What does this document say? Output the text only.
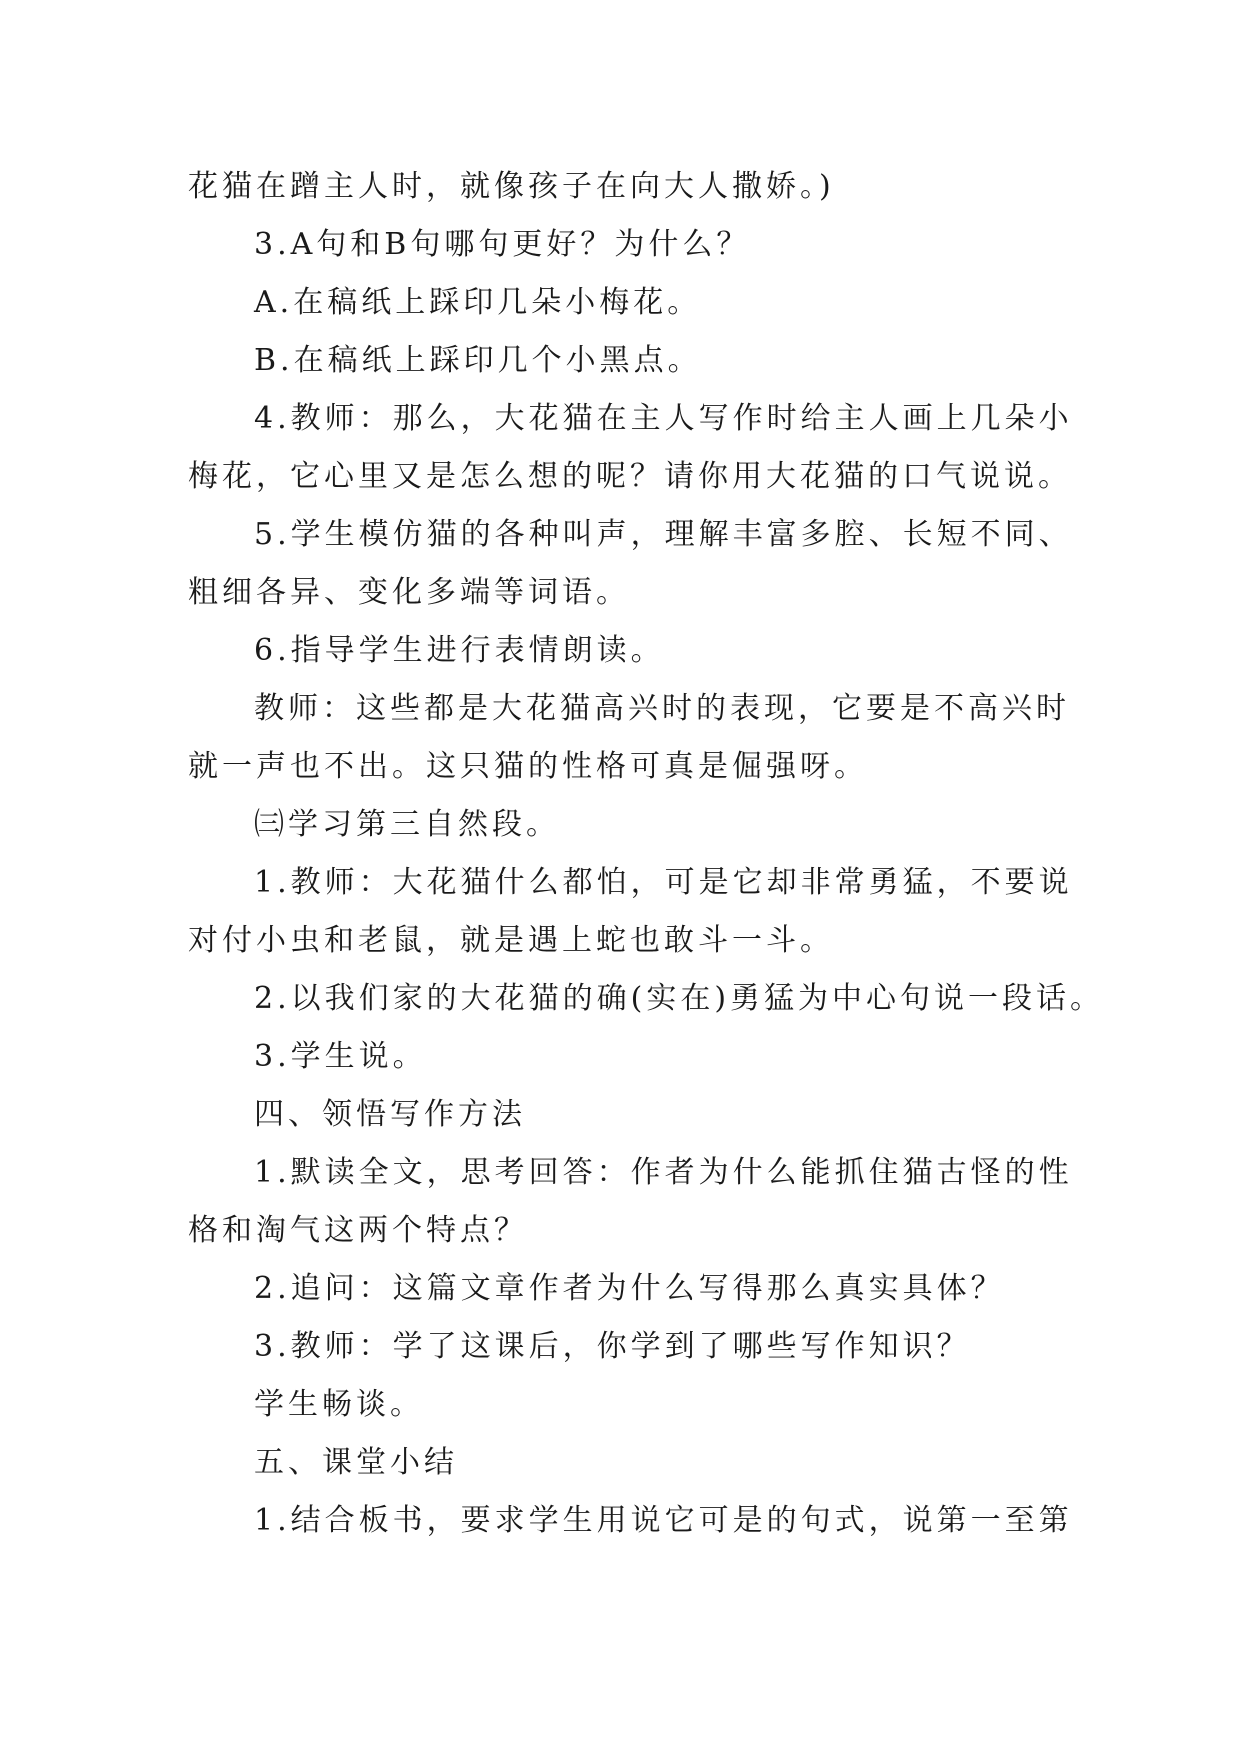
花猫在蹭主人时，就像孩子在向大人撒娇。)
3.A句和B句哪句更好？为什么？
A.在稿纸上踩印几朵小梅花。
B.在稿纸上踩印几个小黑点。
4.教师：那么，大花猫在主人写作时给主人画上几朵小
梅花，它心里又是怎么想的呢？请你用大花猫的口气说说。
5.学生模仿猫的各种叫声，理解丰富多腔、长短不同、
粗细各异、变化多端等词语。
6.指导学生进行表情朗读。
教师：这些都是大花猫高兴时的表现，它要是不高兴时
就一声也不出。这只猫的性格可真是倔强呀。
㈢学习第三自然段。
1.教师：大花猫什么都怕，可是它却非常勇猛，不要说
对付小虫和老鼠，就是遇上蛇也敢斗一斗。
2.以我们家的大花猫的确(实在)勇猛为中心句说一段话。
3.学生说。
四、领悟写作方法
1.默读全文，思考回答：作者为什么能抓住猫古怪的性
格和淘气这两个特点？
2.追问：这篇文章作者为什么写得那么真实具体？
3.教师：学了这课后，你学到了哪些写作知识？
学生畅谈。
五、课堂小结
1.结合板书，要求学生用说它可是的句式，说第一至第
